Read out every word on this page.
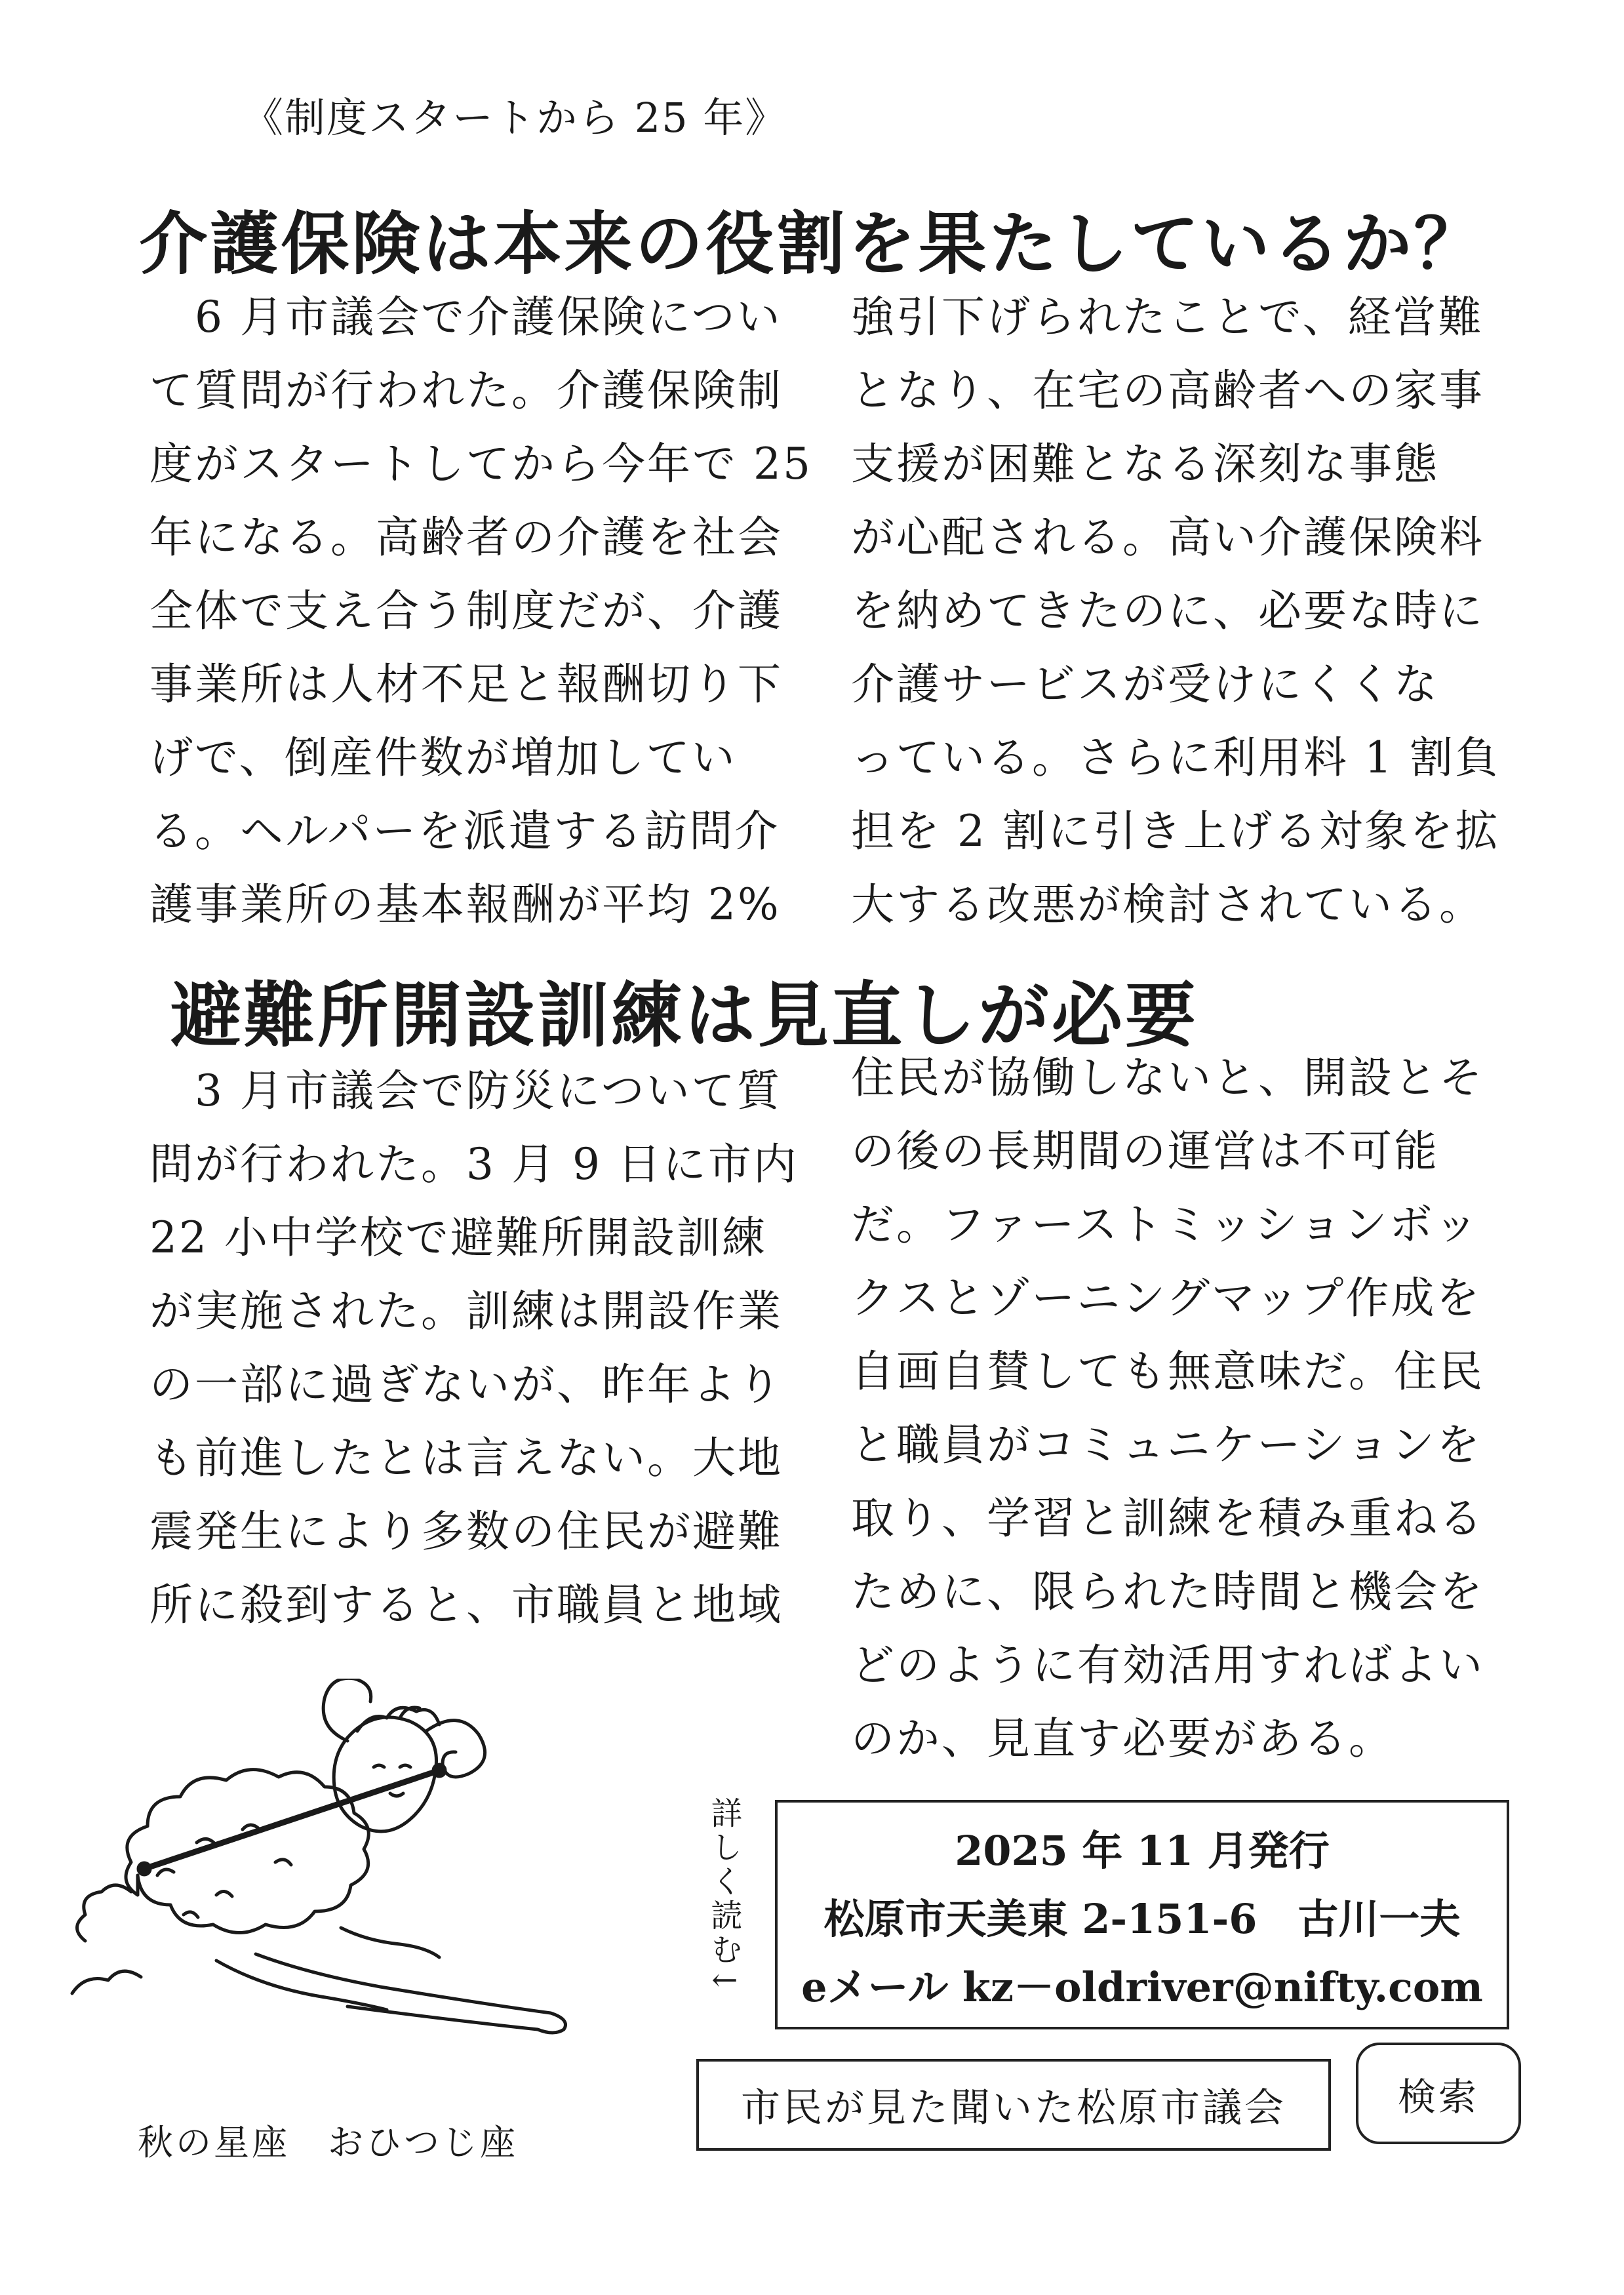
《制度スタートから 25 年》
介護保険は本来の役割を果たしているか？
　6 月市議会で介護保険につい
て質問が行われた。介護保険制
度がスタートしてから今年で 25
年になる。高齢者の介護を社会
全体で支え合う制度だが、介護
事業所は人材不足と報酬切り下
げで、倒産件数が増加してい
る。ヘルパーを派遣する訪問介
護事業所の基本報酬が平均 2%
強引下げられたことで、経営難
となり、在宅の高齢者への家事
支援が困難となる深刻な事態
が心配される。高い介護保険料
を納めてきたのに、必要な時に
介護サービスが受けにくくな
っている。さらに利用料 1 割負
担を 2 割に引き上げる対象を拡
大する改悪が検討されている。
避難所開設訓練は見直しが必要
　3 月市議会で防災について質
問が行われた。3 月 9 日に市内
22 小中学校で避難所開設訓練
が実施された。訓練は開設作業
の一部に過ぎないが、昨年より
も前進したとは言えない。大地
震発生により多数の住民が避難
所に殺到すると、市職員と地域
住民が協働しないと、開設とそ
の後の長期間の運営は不可能
だ。ファーストミッションボッ
クスとゾーニングマップ作成を
自画自賛しても無意味だ。住民
と職員がコミュニケーションを
取り、学習と訓練を積み重ねる
ために、限られた時間と機会を
どのように有効活用すればよい
のか、見直す必要がある。
詳しく読む↓	2025 年 11 月発行
松原市天美東 2-151-6　古川一夫
eメール kz－oldriver@nifty.com
市民が見た聞いた松原市議会	検索
秋の星座　おひつじ座
